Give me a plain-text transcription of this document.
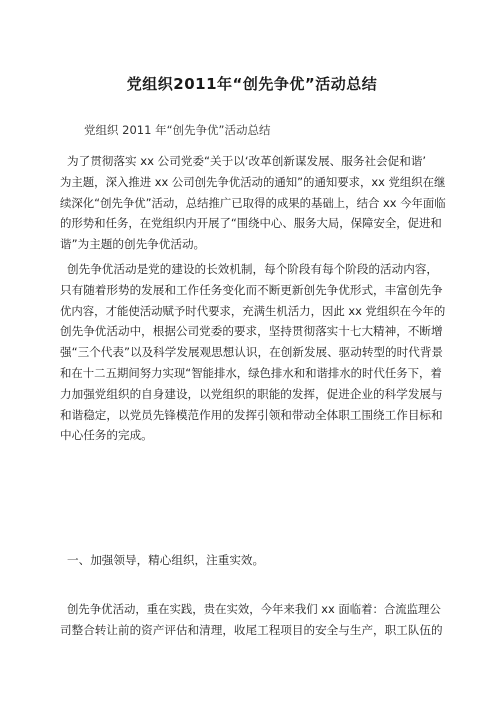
党组织2011年“创先争优”活动总结
党组织 2011 年“创先争优”活动总结
为了贯彻落实 xx 公司党委“关于以‘改革创新谋发展、服务社会促和谐’
为主题，深入推进 xx 公司创先争优活动的通知”的通知要求，xx 党组织在继
续深化“创先争优”活动，总结推广已取得的成果的基础上，结合 xx 今年面临
的形势和任务，在党组织内开展了“围绕中心、服务大局，保障安全，促进和
谐”为主题的创先争优活动。
创先争优活动是党的建设的长效机制，每个阶段有每个阶段的活动内容，
只有随着形势的发展和工作任务变化而不断更新创先争优形式，丰富创先争
优内容，才能使活动赋予时代要求，充满生机活力，因此 xx 党组织在今年的
创先争优活动中，根据公司党委的要求，坚持贯彻落实十七大精神，不断增
强“三个代表”以及科学发展观思想认识，在创新发展、驱动转型的时代背景
和在十二五期间努力实现“智能排水，绿色排水和和谐排水的时代任务下，着
力加强党组织的自身建设，以党组织的职能的发挥，促进企业的科学发展与
和谐稳定，以党员先锋模范作用的发挥引领和带动全体职工围绕工作目标和
中心任务的完成。
一、加强领导，精心组织，注重实效。
创先争优活动，重在实践，贵在实效，今年来我们 xx 面临着：合流监理公
司整合转让前的资产评估和清理，收尾工程项目的安全与生产，职工队伍的
